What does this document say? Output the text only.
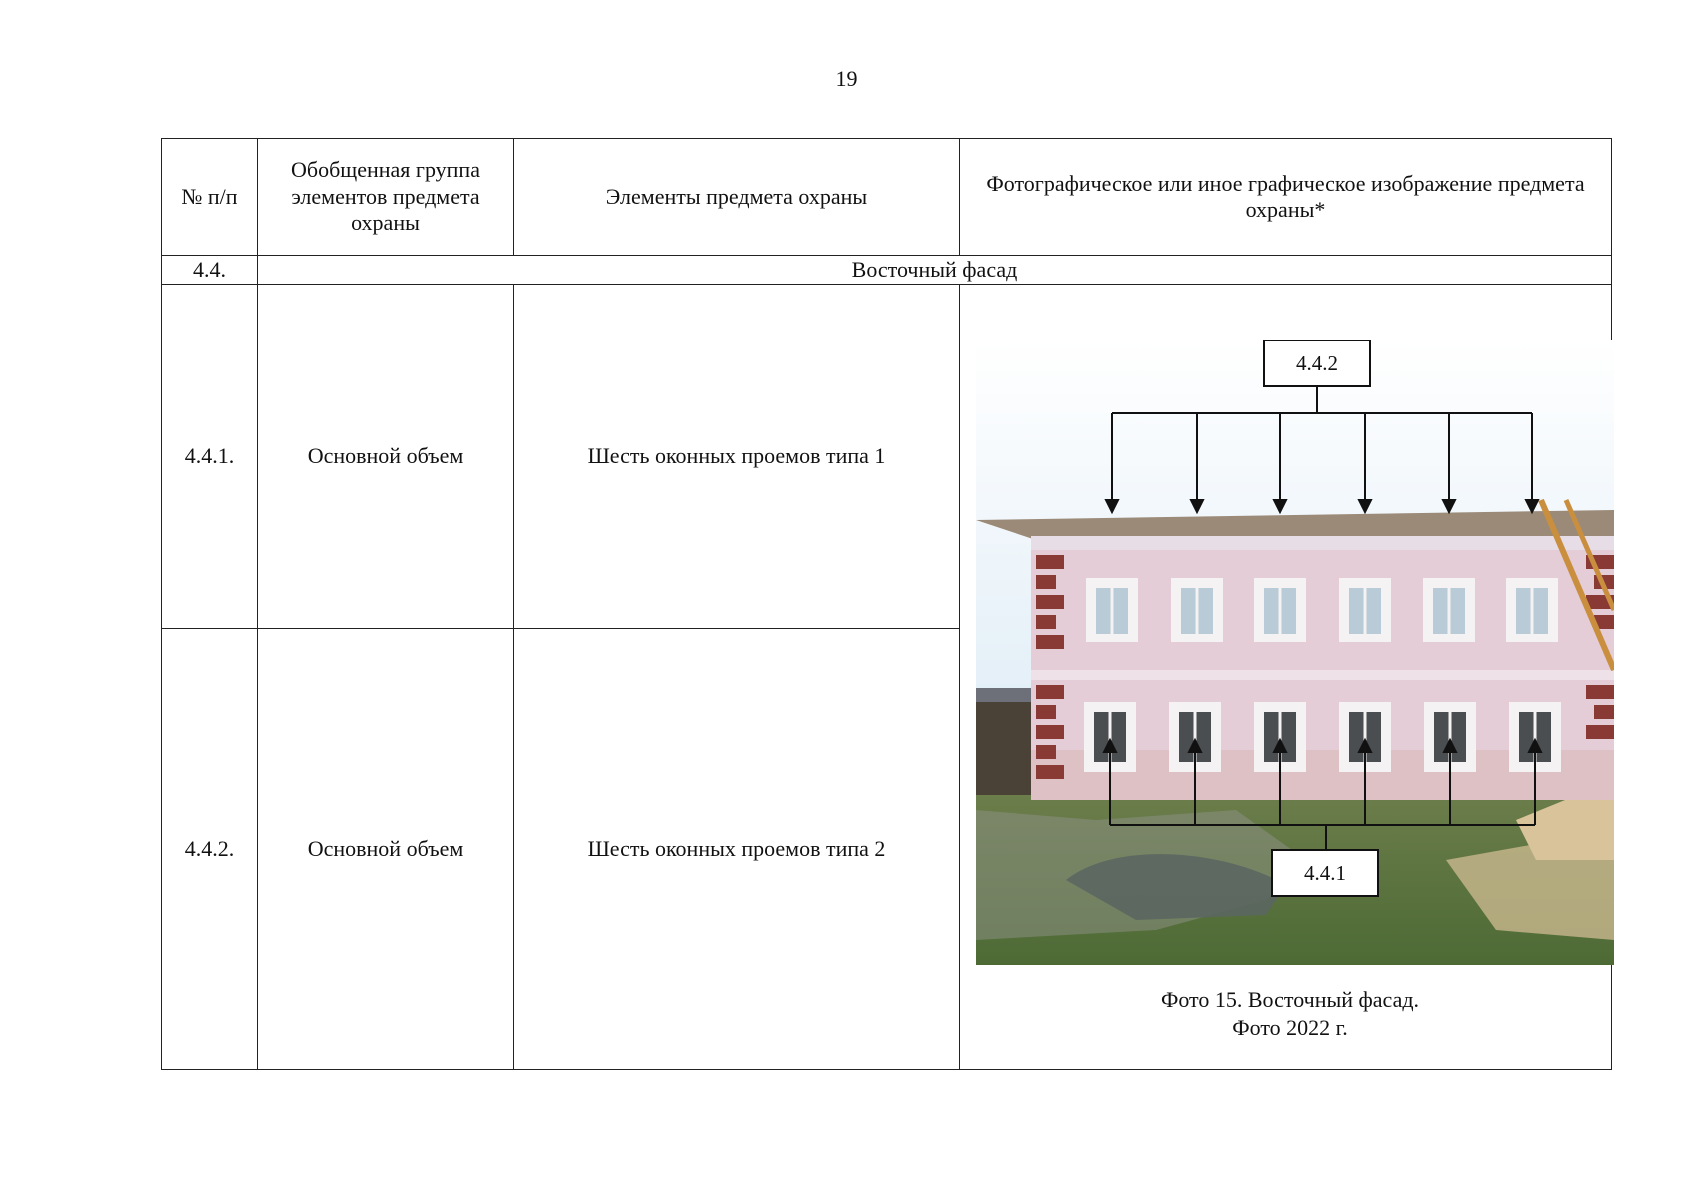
19
№ п/п	Обобщенная группа элементов предмета охраны	Элементы предмета охраны	Фотографическое или иное графическое изображение предмета охраны*
4.4.	Восточный фасад		
4.4.1.	Основной объем	Шесть оконных проемов типа 1	4.4.2
4.4.1
Фото 15. Восточный фасад.
Фото 2022 г.

4.4.2.	Основной объем	Шесть оконных проемов типа 2	
